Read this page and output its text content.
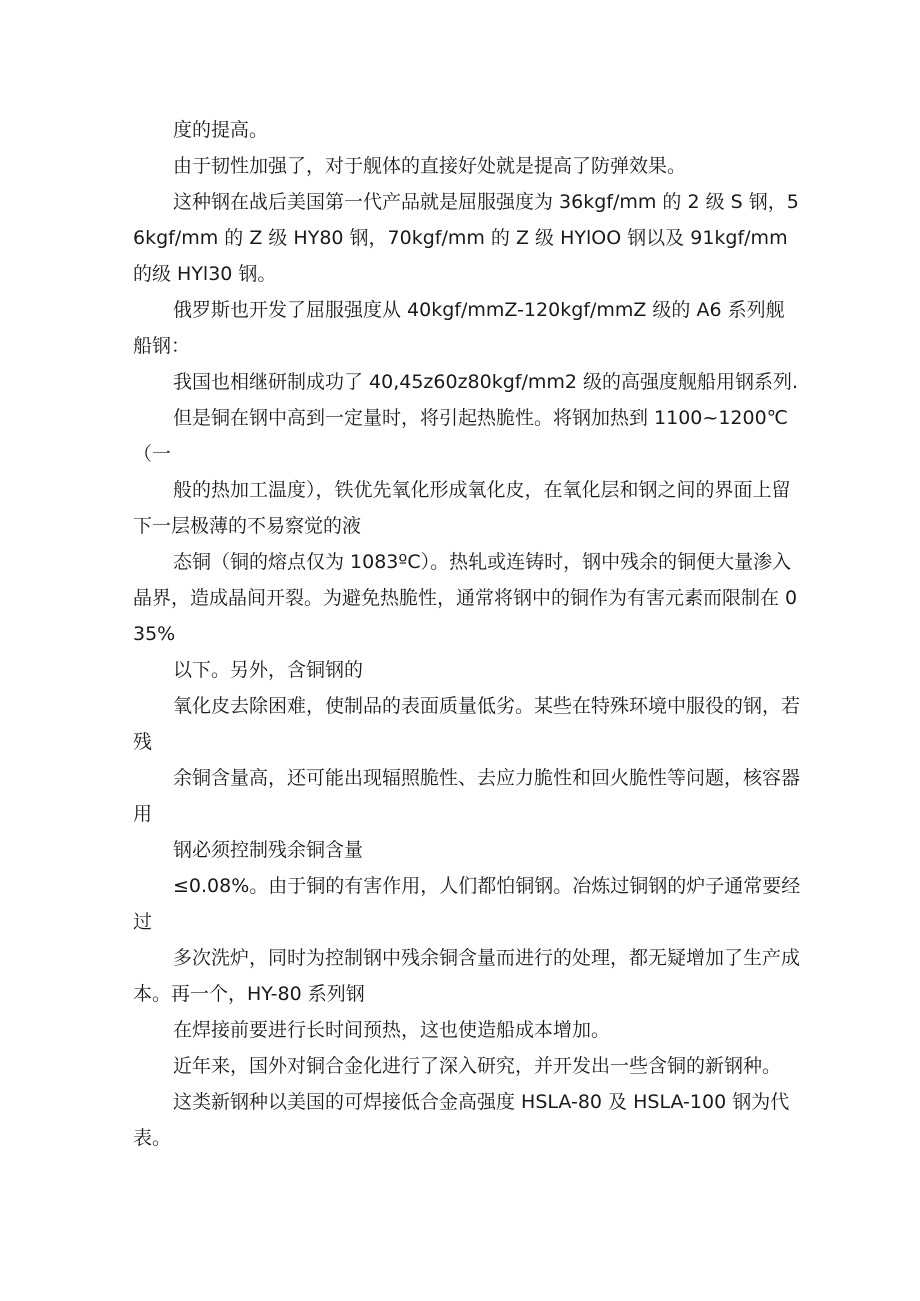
度的提高。

由于韧性加强了，对于舰体的直接好处就是提高了防弹效果。

这种钢在战后美国第一代产品就是屈服强度为 36kgf/mm 的 2 级 S 钢，56kgf/mm 的 Z 级 HY80 钢，70kgf/mm 的 Z 级 HYlOO 钢以及 91kgf/mm 的级 HYl30 钢。

俄罗斯也开发了屈服强度从 40kgf/mmZ-120kgf/mmZ 级的 A6 系列舰船钢：

我国也相继研制成功了 40,45z60z80kgf/mm2 级的高强度舰船用钢系列.

但是铜在钢中高到一定量时，将引起热脆性。将钢加热到 1100~1200℃（一

般的热加工温度），铁优先氧化形成氧化皮，在氧化层和钢之间的界面上留下一层极薄的不易察觉的液

态铜（铜的熔点仅为 1083ºC）。热轧或连铸时，钢中残余的铜便大量渗入晶界，造成晶间开裂。为避免热脆性，通常将钢中的铜作为有害元素而限制在 035%

以下。另外，含铜钢的

氧化皮去除困难，使制品的表面质量低劣。某些在特殊环境中服役的钢，若残

余铜含量高，还可能出现辐照脆性、去应力脆性和回火脆性等问题，核容器用

钢必须控制残余铜含量

≤0.08%。由于铜的有害作用，人们都怕铜钢。冶炼过铜钢的炉子通常要经过

多次洗炉，同时为控制钢中残余铜含量而进行的处理，都无疑增加了生产成本。再一个，HY-80 系列钢

在焊接前要进行长时间预热，这也使造船成本增加。

近年来，国外对铜合金化进行了深入研究，并开发出一些含铜的新钢种。

这类新钢种以美国的可焊接低合金高强度 HSLA-80 及 HSLA-100 钢为代表。
